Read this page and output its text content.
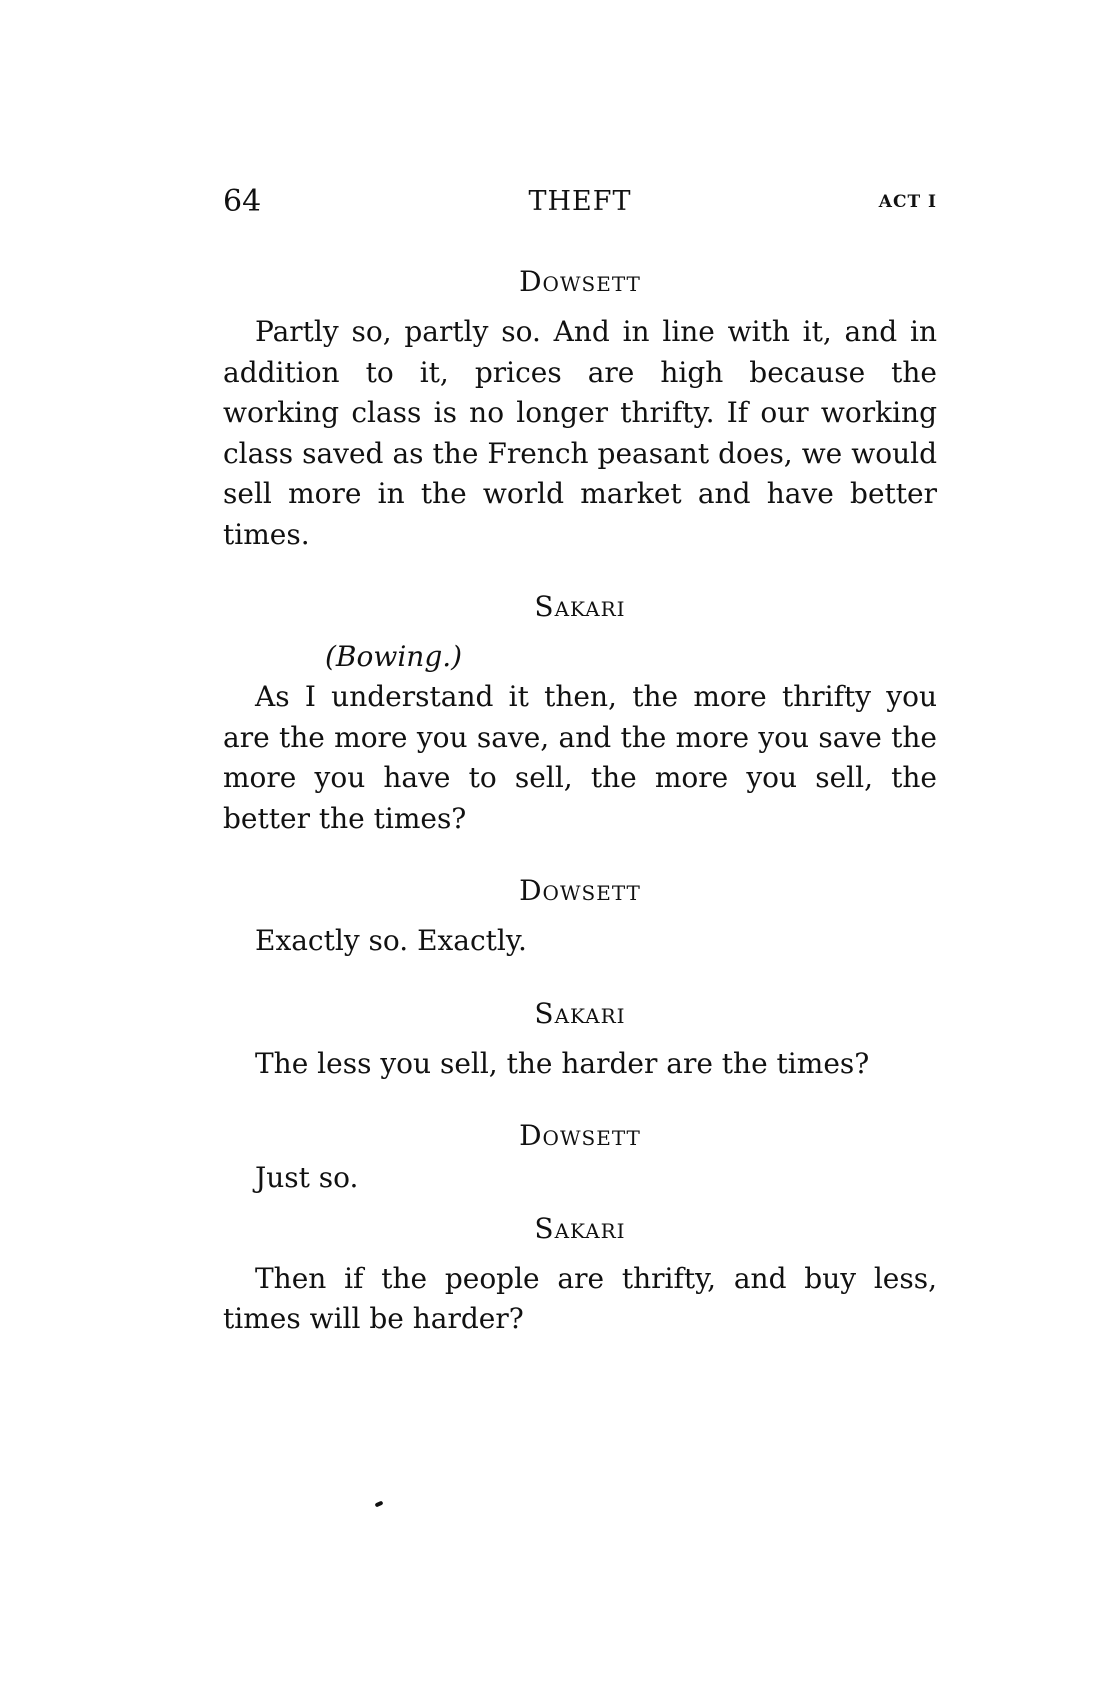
64	THEFT	ACT I
Dowsett

Partly so, partly so. And in line with it, and in addition to it, prices are high because the working class is no longer thrifty. If our working class saved as the French peasant does, we would sell more in the world market and have better times.

Sakari
(Bowing.)

As I understand it then, the more thrifty you are the more you save, and the more you save the more you have to sell, the more you sell, the better the times?

Dowsett

Exactly so. Exactly.

Sakari

The less you sell, the harder are the times?

Dowsett

Just so.

Sakari

Then if the people are thrifty, and buy less, times will be harder?
